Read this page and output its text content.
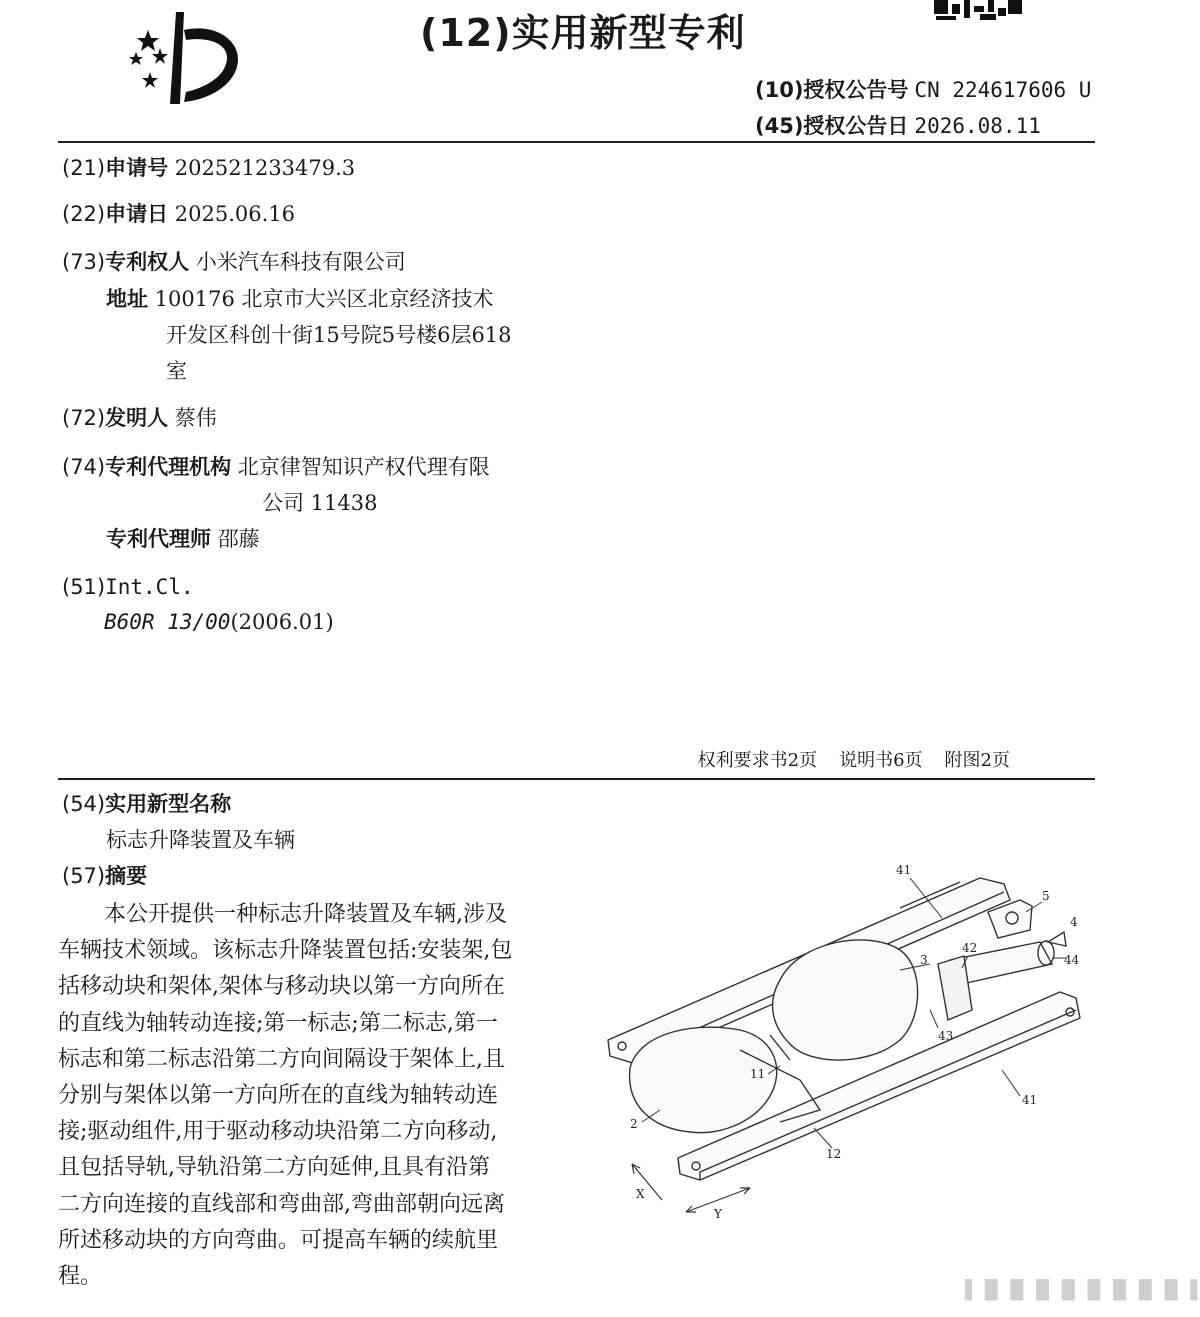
(12)实用新型专利
(10)授权公告号 CN 224617606 U
(45)授权公告日 2026.08.11
(21)申请号 202521233479.3
(22)申请日 2025.06.16
(73)专利权人 小米汽车科技有限公司
地址 100176 北京市大兴区北京经济技术
开发区科创十街15号院5号楼6层618
室
(72)发明人 蔡伟
(74)专利代理机构 北京律智知识产权代理有限
公司 11438
专利代理师 邵藤
(51)Int.Cl.
B60R 13/00(2006.01)
权利要求书2页 说明书6页 附图2页
(54)实用新型名称
标志升降装置及车辆
(57)摘要
本公开提供一种标志升降装置及车辆,涉及
车辆技术领域。该标志升降装置包括:安装架,包
括移动块和架体,架体与移动块以第一方向所在
的直线为轴转动连接;第一标志;第二标志,第一
标志和第二标志沿第二方向间隔设于架体上,且
分别与架体以第一方向所在的直线为轴转动连
接;驱动组件,用于驱动移动块沿第二方向移动,
且包括导轨,导轨沿第二方向延伸,且具有沿第
二方向连接的直线部和弯曲部,弯曲部朝向远离
所述移动块的方向弯曲。可提高车辆的续航里
程。
41
5
4
42
3	44
43
11
2
41
12
X
Y
▌▐▌▐▌▐▌▐▌▐▌▐▌▐▌▐▌▐
